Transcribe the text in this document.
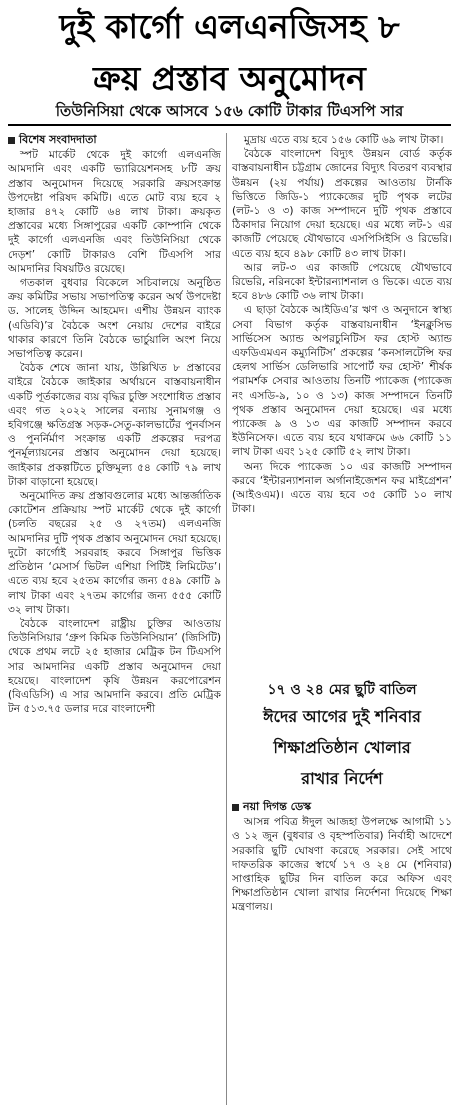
দুই কার্গো এলএনজিসহ ৮
ক্রয় প্রস্তাব অনুমোদন
তিউনিসিয়া থেকে আসবে ১৫৬ কোটি টাকার টিএসপি সার
বিশেষ সংবাদদাতা

স্পট মার্কেট থেকে দুই কার্গো এলএনজি আমদানি এবং একটি ভ্যারিয়েশনসহ ৮টি ক্রয় প্রস্তাব অনুমোদন দিয়েছে সরকারি ক্রয়সংক্রান্ত উপদেষ্টা পরিষদ কমিটি। এতে মোট ব্যয় হবে ২ হাজার ৪৭২ কোটি ৬৪ লাখ টাকা। ক্রয়কৃত প্রস্তাবের মধ্যে সিঙ্গাপুরের একটি কোম্পানি থেকে দুই কার্গো এলএনজি এবং তিউনিসিয়া থেকে দেড়শ’ কোটি টাকারও বেশি টিএসপি সার আমদানির বিষয়টিও রয়েছে।

গতকাল বুধবার বিকেলে সচিবালয়ে অনুষ্ঠিত ক্রয় কমিটির সভায় সভাপতিত্ব করেন অর্থ উপদেষ্টা ড. সালেহ উদ্দিন আহমেদ। এশীয় উন্নয়ন ব্যাংক (এডিবি)’র বৈঠকে অংশ নেয়ায় দেশের বাইরে থাকার কারণে তিনি বৈঠকে ভার্চুয়ালি অংশ নিয়ে সভাপতিত্ব করেন।

বৈঠক শেষে জানা যায়, উল্লিখিত ৮ প্রস্তাবের বাইরে বৈঠকে জাইকার অর্থায়নে বাস্তবায়নাধীন একটি পূর্তকাজের ব্যয় বৃদ্ধির চুক্তি সংশোধিত প্রস্তাব এবং গত ২০২২ সালের বন্যায় সুনামগঞ্জ ও হবিগঞ্জে ক্ষতিগ্রস্ত সড়ক-সেতু-কালভার্টের পুনর্বাসন ও পুনর্নির্মাণ সংক্রান্ত একটি প্রকল্পের দরপত্র পুনর্মূল্যায়নের প্রস্তাব অনুমোদন দেয়া হয়েছে। জাইকার প্রকল্পটিতে চুক্তিমূল্য ৫৪ কোটি ৭৯ লাখ টাকা বাড়ানো হয়েছে।

অনুমোদিত ক্রয় প্রস্তাবগুলোর মধ্যে আন্তর্জাতিক কোটেশন প্রক্রিয়ায় স্পট মার্কেট থেকে দুই কার্গো (চলতি বছরের ২৫ ও ২৭তম) এলএনজি আমদানির দুটি পৃথক প্রস্তাব অনুমোদন দেয়া হয়েছে। দুটো কার্গোই সরবরাহ করবে সিঙ্গাপুর ভিত্তিক প্রতিষ্ঠান ‘মেসার্স ভিটল এশিয়া পিটিই লিমিটেড’। এতে ব্যয় হবে ২৫তম কার্গোর জন্য ৫৪৯ কোটি ৯ লাখ টাকা এবং ২৭তম কার্গোর জন্য ৫৫৫ কোটি ৩২ লাখ টাকা।

বৈঠকে বাংলাদেশ রাষ্ট্রীয় চুক্তির আওতায় তিউনিসিয়ার ‘গ্রুপ কিমিক তিউনিসিয়ান’ (জিসিটি) থেকে প্রথম লটে ২৫ হাজার মেট্রিক টন টিএসপি সার আমদানির একটি প্রস্তাব অনুমোদন দেয়া হয়েছে। বাংলাদেশ কৃষি উন্নয়ন করপোরেশন (বিএডিসি) এ সার আমদানি করবে। প্রতি মেট্রিক টন ৫১৩.৭৫ ডলার দরে বাংলাদেশী

মুদ্রায় এতে ব্যয় হবে ১৫৬ কোটি ৬৯ লাখ টাকা।

বৈঠকে বাংলাদেশ বিদ্যুৎ উন্নয়ন বোর্ড কর্তৃক বাস্তবায়নাধীন চট্টগ্রাম জোনের বিদ্যুৎ বিতরণ ব্যবস্থার উন্নয়ন (২য় পর্যায়) প্রকল্পের আওতায় টার্নকি ভিত্তিতে জিডি-১ প্যাকেজের দুটি পৃথক লটের (লট-১ ও ৩) কাজ সম্পাদনে দুটি পৃথক প্রস্তাবে ঠিকাদার নিয়োগ দেয়া হয়েছে। এর মধ্যে লট-১ এর কাজটি পেয়েছে যৌথভাবে এসপিসিইসি ও রিভেরি। এতে ব্যয় হবে ৪৯৮ কোটি ৪৩ লাখ টাকা।

আর লট-৩ এর কাজটি পেয়েছে যৌথভাবে রিভেরি, নরিনকো ইন্টারন্যাশনাল ও ভিকে। এতে ব্যয় হবে ৪৮৬ কোটি ৩৬ লাখ টাকা।

এ ছাড়া বৈঠকে আইডিএ’র ঋণ ও অনুদানে স্বাস্থ্য সেবা বিভাগ কর্তৃক বাস্তবায়নাধীন ‘ইনক্লুসিভ সার্ভিসেস অ্যান্ড অপরচুনিটিস ফর হোস্ট অ্যান্ড এফডিএমএন কম্যুনিটিস’ প্রকল্পের ‘কনসালটেন্সি ফর হেলথ সার্ভিস ডেলিভারি সাপোর্ট ফর হোস্ট’ শীর্ষক পরামর্শক সেবার আওতায় তিনটি প্যাকেজ (প্যাকেজ নং এসডি-৯, ১০ ও ১৩) কাজ সম্পাদনে তিনটি পৃথক প্রস্তাব অনুমোদন দেয়া হয়েছে। এর মধ্যে প্যাকেজ ৯ ও ১৩ এর কাজটি সম্পাদন করবে ইউনিসেফ। এতে ব্যয় হবে যথাক্রমে ৬৬ কোটি ১১ লাখ টাকা এবং ১২৫ কোটি ৫২ লাখ টাকা।

অন্য দিকে প্যাকেজ ১০ এর কাজটি সম্পাদন করবে ‘ইন্টারন্যাশনাল অর্গানাইজেশন ফর মাইগ্রেশন’ (আইওএম)। এতে ব্যয় হবে ৩৫ কোটি ১০ লাখ টাকা।

১৭ ও ২৪ মের ছুটি বাতিল
ঈদের আগের দুই শনিবার
শিক্ষাপ্রতিষ্ঠান খোলার
রাখার নির্দেশ
নয়া দিগন্ত ডেস্ক

আসন্ন পবিত্র ঈদুল আজহা উপলক্ষে আগামী ১১ ও ১২ জুন (বুধবার ও বৃহস্পতিবার) নির্বাহী আদেশে সরকারি ছুটি ঘোষণা করেছে সরকার। সেই সাথে দাফতরিক কাজের স্বার্থে ১৭ ও ২৪ মে (শনিবার) সাপ্তাহিক ছুটির দিন বাতিল করে অফিস এবং শিক্ষাপ্রতিষ্ঠান খোলা রাখার নির্দেশনা দিয়েছে শিক্ষা মন্ত্রণালয়।
